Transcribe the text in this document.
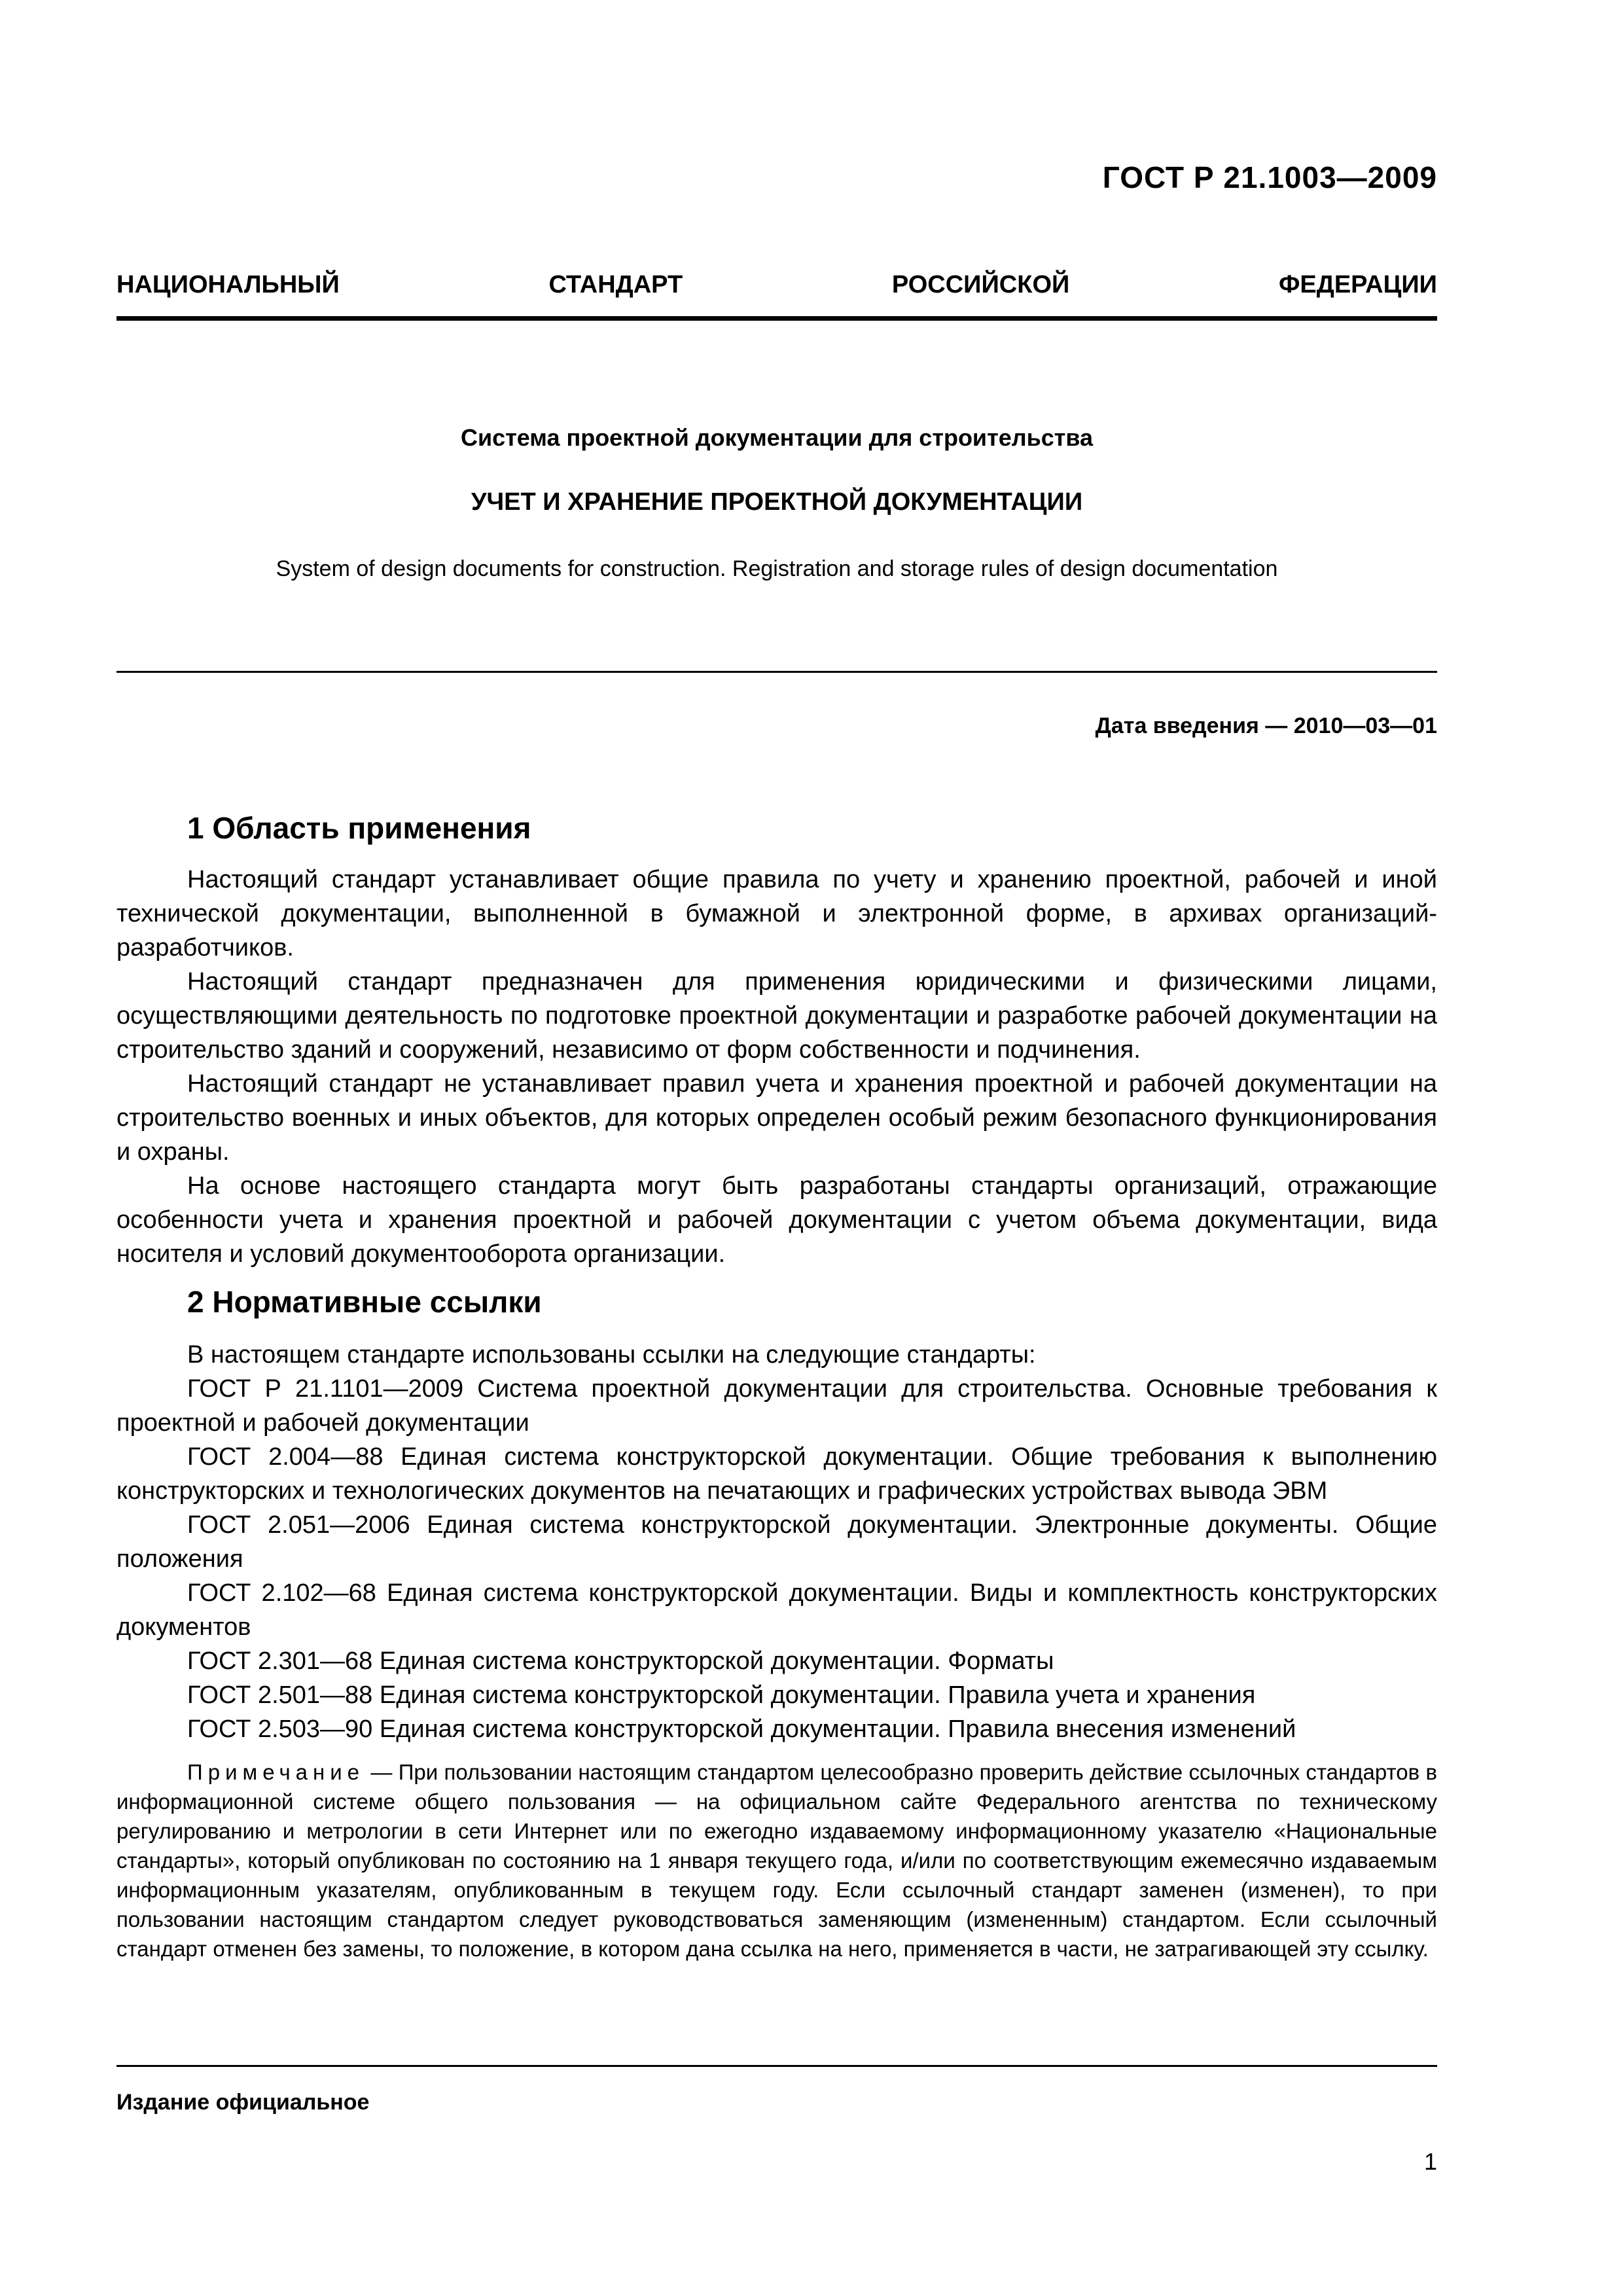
ГОСТ Р 21.1003—2009
НАЦИОНАЛЬНЫЙ	СТАНДАРТ	РОССИЙСКОЙ	ФЕДЕРАЦИИ
Система проектной документации для строительства
УЧЕТ И ХРАНЕНИЕ ПРОЕКТНОЙ ДОКУМЕНТАЦИИ
System of design documents for construction. Registration and storage rules of design documentation
Дата введения — 2010—03—01
1 Область применения

Настоящий стандарт устанавливает общие правила по учету и хранению проектной, рабочей и иной технической документации, выполненной в бумажной и электронной форме, в архивах организаций-разработчиков.

Настоящий стандарт предназначен для применения юридическими и физическими лицами, осуществляющими деятельность по подготовке проектной документации и разработке рабочей документации на строительство зданий и сооружений, независимо от форм собственности и подчинения.

Настоящий стандарт не устанавливает правил учета и хранения проектной и рабочей документации на строительство военных и иных объектов, для которых определен особый режим безопасного функционирования и охраны.

На основе настоящего стандарта могут быть разработаны стандарты организаций, отражающие особенности учета и хранения проектной и рабочей документации с учетом объема документации, вида носителя и условий документооборота организации.

2 Нормативные ссылки

В настоящем стандарте использованы ссылки на следующие стандарты:

ГОСТ Р 21.1101—2009 Система проектной документации для строительства. Основные требования к проектной и рабочей документации

ГОСТ 2.004—88 Единая система конструкторской документации. Общие требования к выполнению конструкторских и технологических документов на печатающих и графических устройствах вывода ЭВМ

ГОСТ 2.051—2006 Единая система конструкторской документации. Электронные документы. Общие положения

ГОСТ 2.102—68 Единая система конструкторской документации. Виды и комплектность конструкторских документов

ГОСТ 2.301—68 Единая система конструкторской документации. Форматы

ГОСТ 2.501—88 Единая система конструкторской документации. Правила учета и хранения

ГОСТ 2.503—90 Единая система конструкторской документации. Правила внесения изменений

Примечание — При пользовании настоящим стандартом целесообразно проверить действие ссылочных стандартов в информационной системе общего пользования — на официальном сайте Федерального агентства по техническому регулированию и метрологии в сети Интернет или по ежегодно издаваемому информационному указателю «Национальные стандарты», который опубликован по состоянию на 1 января текущего года, и/или по соответствующим ежемесячно издаваемым информационным указателям, опубликованным в текущем году. Если ссылочный стандарт заменен (изменен), то при пользовании настоящим стандартом следует руководствоваться заменяющим (измененным) стандартом. Если ссылочный стандарт отменен без замены, то положение, в котором дана ссылка на него, применяется в части, не затрагивающей эту ссылку.

Издание официальное
1
